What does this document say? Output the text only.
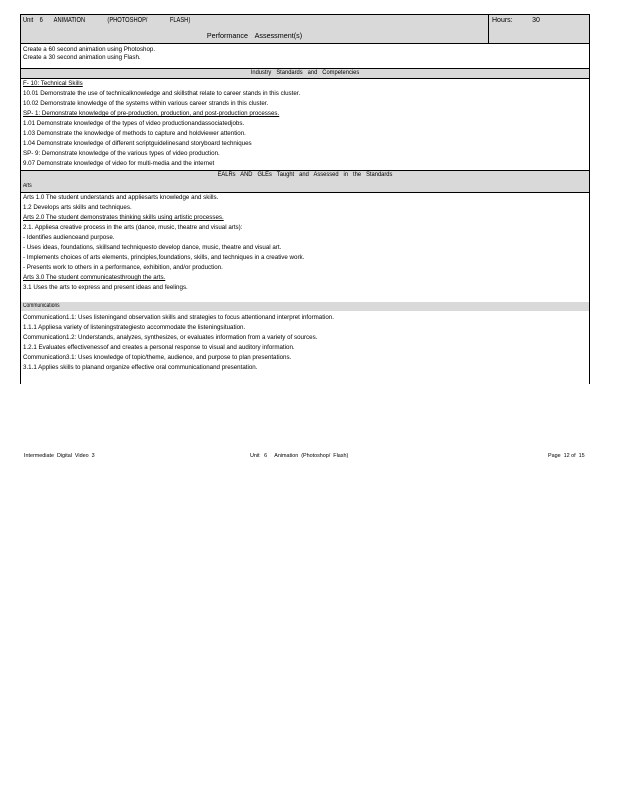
Unit    6       ANIMATION              (PHOTOSHOP/              FLASH)
Performance Assessment(s)
Hours:          30
Create a 60 second animation using Photoshop.
Create a 30 second animation using Flash.
Industry Standards and Competencies
F- 10: Technical Skills
10.01 Demonstrate the use of technicalknowledge and skillsthat relate to career stands in this cluster.
10.02 Demonstrate knowledge of the systems within various career strands in this cluster.
SP- 1: Demonstrate knowledge of pre-production, production, and post-production processes.
1.01 Demonstrate knowledge of the types of video productionandassociatedjobs.
1.03 Demonstrate the knowledge of methods to capture and holdviewer attention.
1.04 Demonstrate knowledge of different scriptguidelinesand storyboard techniques
SP- 9: Demonstrate knowledge of the various types of video production.
9.07 Demonstrate knowledge of video for multi-media and the internet
EALRs AND GLEs Taught and Assessed in the Standards
Arts
Arts 1.0 The student understands and appliesarts knowledge and skills.
1.2 Develops arts skills and techniques.
Arts 2.0 The student demonstrates thinking skills using artistic processes.
2.1. Appliesa creative process in the arts (dance, music, theatre and visual arts):
- Identifies audienceand purpose.
- Uses ideas, foundations, skillsand techniquesto develop dance, music, theatre and visual art.
- Implements choices of arts elements, principles,foundations, skills, and techniques in a creative work.
- Presents work to others in a performance, exhibition, and/or production.
Arts 3.0 The student communicatesthrough the arts.
3.1 Uses the arts to express and present ideas and feelings.
Communications
Communication1.1: Uses listeningand observation skills and strategies to focus attentionand interpret information.
1.1.1 Appliesa variety of listeningstrategiesto accommodate the listeningsituation.
Communication1.2: Understands, analyzes, synthesizes, or evaluates information from a variety of sources.
1.2.1 Evaluates effectivenessof and creates a personal response to visual and auditory information.
Communication3.1: Uses knowledge of topic/theme, audience, and purpose to plan presentations.
3.1.1 Applies skills to planand organize effective oral communicationand presentation.
Intermediate  Digital  Video  3	Unit   6     Animation  (Photoshop/  Flash)	Page  12 of  15
